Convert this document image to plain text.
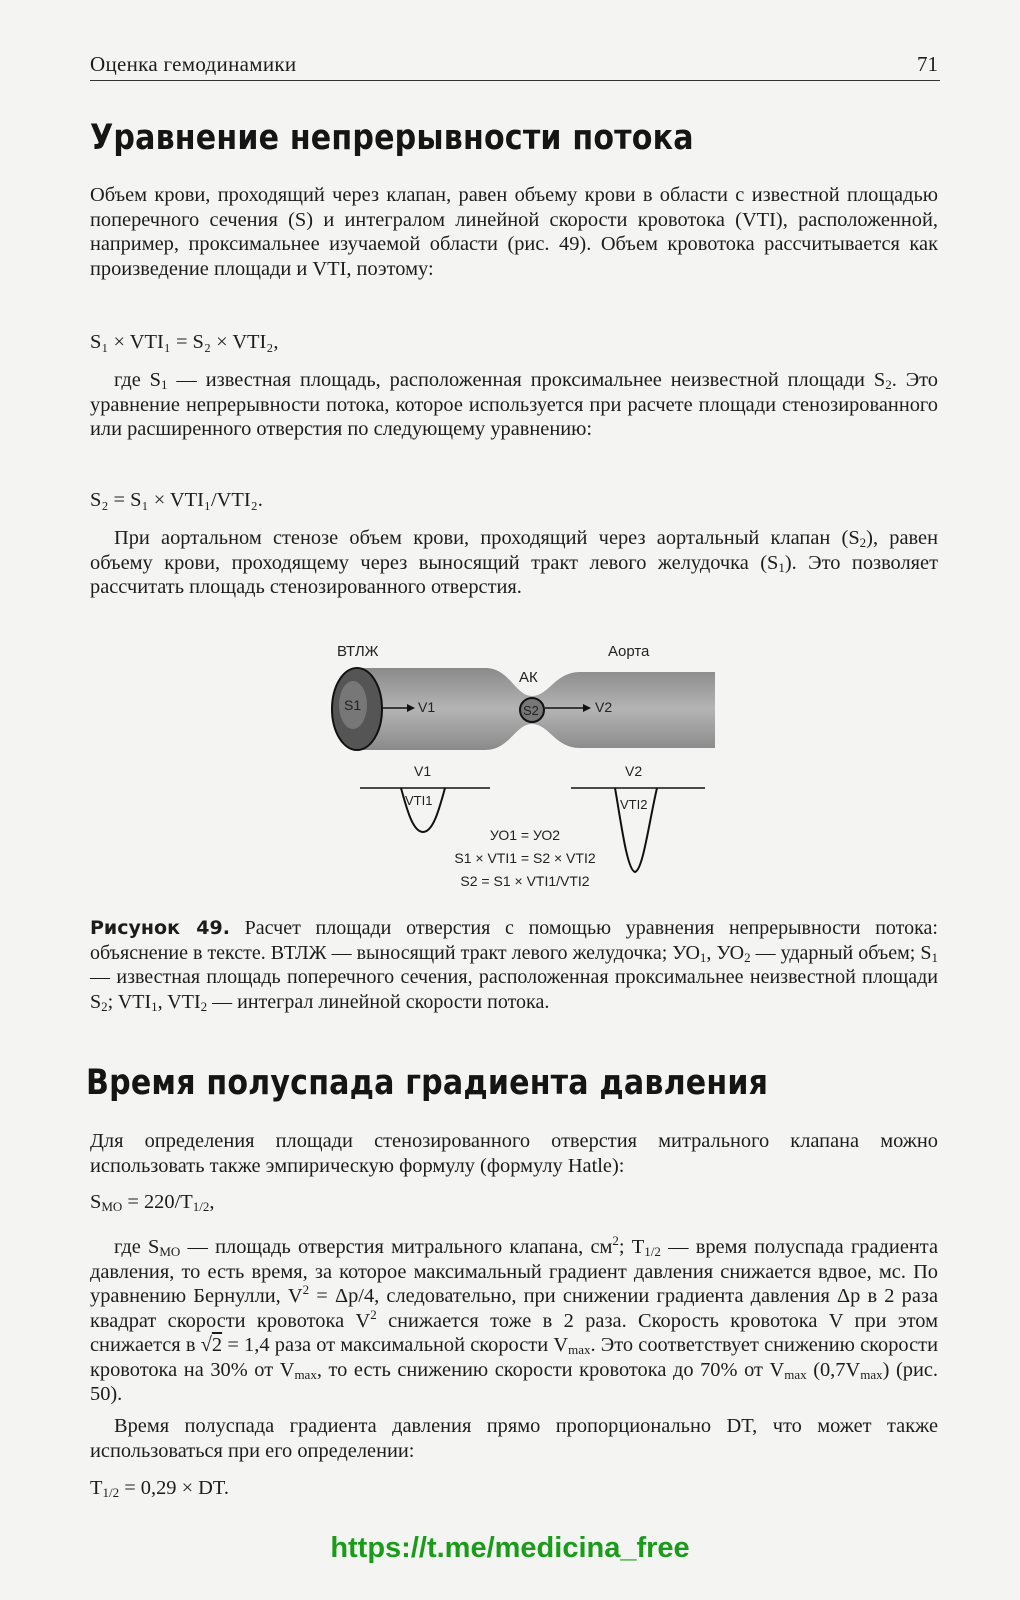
Оценка гемодинамики	71
Уравнение непрерывности потока

Объем крови, проходящий через клапан, равен объему крови в области с известной площадью поперечного сечения (S) и интегралом линейной скорости кровотока (VTI), расположенной, например, проксимальнее изучаемой области (рис. 49). Объем кровотока рассчитывается как произведение площади и VTI, поэтому:

S₁ × VTI₁ = S₂ × VTI₂,

где $S_1$ — известная площадь, расположенная проксимальнее неизвестной площади $S_2$. Это уравнение непрерывности потока, которое используется при расчете площади стенозированного или расширенного отверстия по следующему уравнению:

S₂ = S₁ × VTI₁/VTI₂.

При аортальном стенозе объем крови, проходящий через аортальный клапан $(S_2)$, равен объему крови, проходящему через выносящий тракт левого желудочка $(S_1)$. Это позволяет рассчитать площадь стенозированного отверстия.

ВТЛЖ	Аорта
АК
S1	V1	S2	V2
V1	V2
VTI1	VTI2
УО1 = УО2
S1 × VTI1 = S2 × VTI2
S2 = S1 × VTI1/VTI2

Рисунок 49. Расчет площади отверстия с помощью уравнения непрерывности потока: объяснение в тексте. ВТЛЖ — выносящий тракт левого желудочка; $УО_1$, $УО_2$ — ударный объем; $S_1$ — известная площадь поперечного сечения, расположенная проксимальнее неизвестной площади $S_2$; $VTI_1$, $VTI_2$ — интеграл линейной скорости потока.

Время полуспада градиента давления

Для определения площади стенозированного отверстия митрального клапана можно использовать также эмпирическую формулу (формулу Hatle):

$S_{MO} = 220/T_{1/2}$,

где $S_{MO}$ — площадь отверстия митрального клапана, $см^2$; $T_{1/2}$ — время полуспада градиента давления, то есть время, за которое максимальный градиент давления снижается вдвое, мс. По уравнению Бернулли, $V^2 = \Delta p/4$, следовательно, при снижении градиента давления Δp в 2 раза квадрат скорости кровотока $V^2$ снижается тоже в 2 раза. Скорость кровотока V при этом снижается в √2 = 1,4 раза от максимальной скорости $V_{max}$. Это соответствует снижению скорости кровотока на 30% от $V_{max}$, то есть снижению скорости кровотока до 70% от $V_{max}$ $(0,7V_{max})$ (рис. 50).

Время полуспада градиента давления прямо пропорционально DT, что может также использоваться при его определении:

$T_{1/2} = 0,29$ × DT.

https://t.me/medicina_free
